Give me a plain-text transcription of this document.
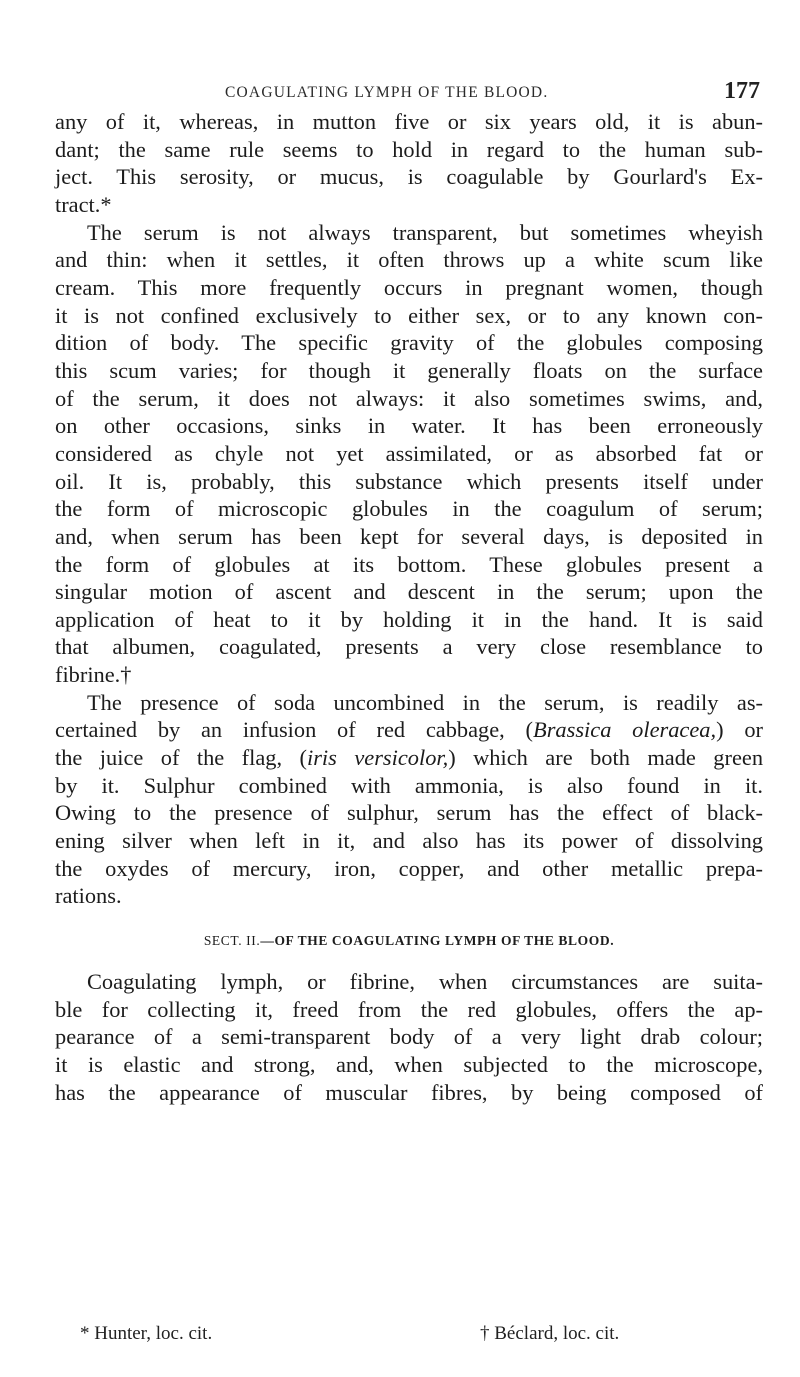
COAGULATING LYMPH OF THE BLOOD.	177
any of it, whereas, in mutton five or six years old, it is abun-
dant; the same rule seems to hold in regard to the human sub-
ject. This serosity, or mucus, is coagulable by Gourlard's Ex-
tract.*
The serum is not always transparent, but sometimes wheyish
and thin: when it settles, it often throws up a white scum like
cream. This more frequently occurs in pregnant women, though
it is not confined exclusively to either sex, or to any known con-
dition of body. The specific gravity of the globules composing
this scum varies; for though it generally floats on the surface
of the serum, it does not always: it also sometimes swims, and,
on other occasions, sinks in water. It has been erroneously
considered as chyle not yet assimilated, or as absorbed fat or
oil. It is, probably, this substance which presents itself under
the form of microscopic globules in the coagulum of serum;
and, when serum has been kept for several days, is deposited in
the form of globules at its bottom. These globules present a
singular motion of ascent and descent in the serum; upon the
application of heat to it by holding it in the hand. It is said
that albumen, coagulated, presents a very close resemblance to
fibrine.†
The presence of soda uncombined in the serum, is readily as-
certained by an infusion of red cabbage, (Brassica oleracea,) or
the juice of the flag, (iris versicolor,) which are both made green
by it. Sulphur combined with ammonia, is also found in it.
Owing to the presence of sulphur, serum has the effect of black-
ening silver when left in it, and also has its power of dissolving
the oxydes of mercury, iron, copper, and other metallic prepa-
rations.
SECT. II.—OF THE COAGULATING LYMPH OF THE BLOOD.
Coagulating lymph, or fibrine, when circumstances are suita-
ble for collecting it, freed from the red globules, offers the ap-
pearance of a semi-transparent body of a very light drab colour;
it is elastic and strong, and, when subjected to the microscope,
has the appearance of muscular fibres, by being composed of
* Hunter, loc. cit.	† Béclard, loc. cit.
